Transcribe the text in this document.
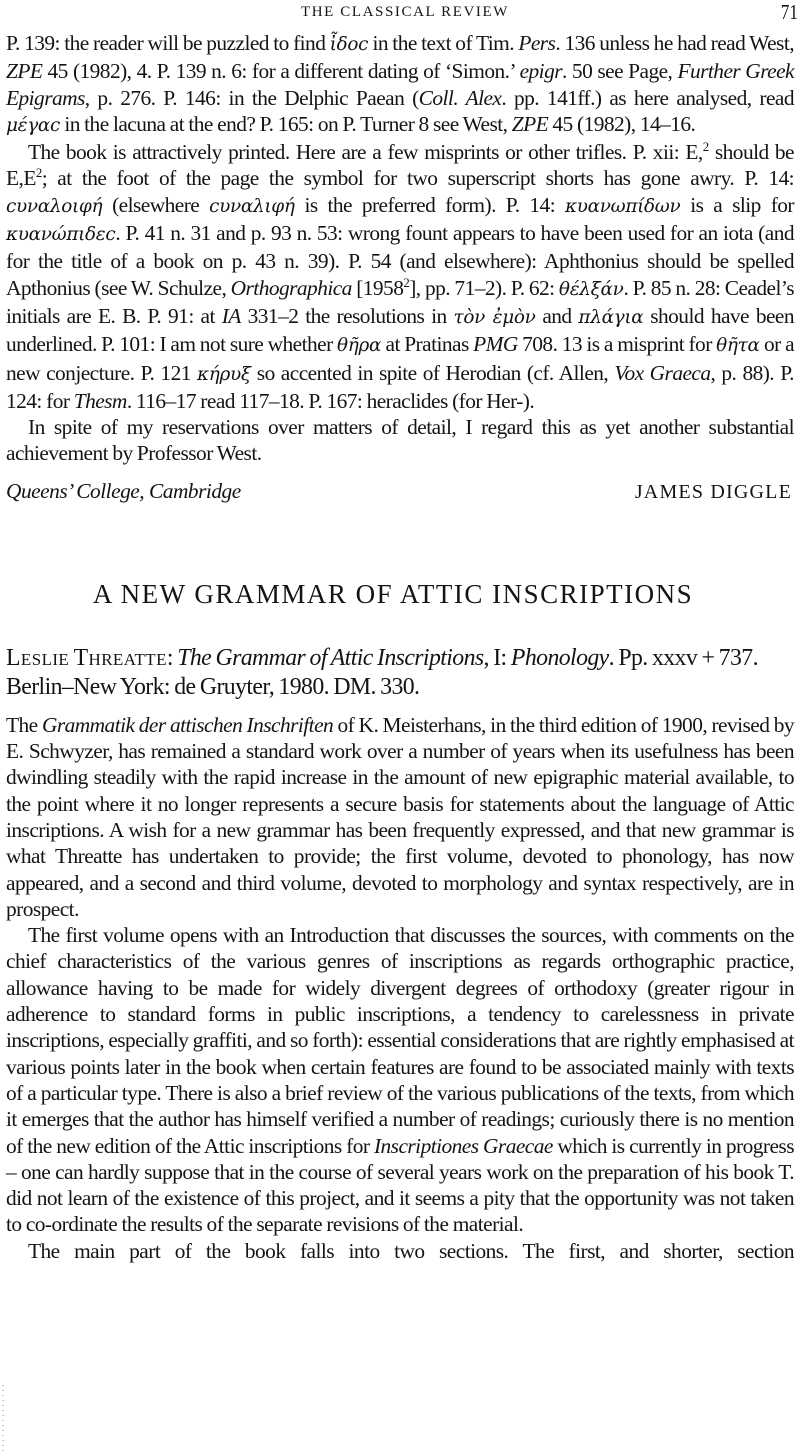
THE CLASSICAL REVIEW	71

P. 139: the reader will be puzzled to find ἶδοϲ in the text of Tim. Pers. 136 unless he had read West, ZPE 45 (1982), 4. P. 139 n. 6: for a different dating of ‘Simon.’ epigr. 50 see Page, Further Greek Epigrams, p. 276. P. 146: in the Delphic Paean (Coll. Alex. pp. 141ff.) as here analysed, read μέγαϲ in the lacuna at the end? P. 165: on P. Turner 8 see West, ZPE 45 (1982), 14–16.

The book is attractively printed. Here are a few misprints or other trifles. P. xii: E,$^2$ should be $E,E^2$; at the foot of the page the symbol for two superscript shorts has gone awry. P. 14: cυναλοιφή (elsewhere cυναλιφή is the preferred form). P. 14: κυανωπίδων is a slip for κυανώπιδεϲ. P. 41 n. 31 and p. 93 n. 53: wrong fount appears to have been used for an iota (and for the title of a book on p. 43 n. 39). P. 54 (and elsewhere): Aphthonius should be spelled Apthonius (see W. Schulze, Orthographica [1958$^2$], pp. 71–2). P. 62: θέλξάν. P. 85 n. 28: Ceadel’s initials are E. B. P. 91: at IA 331–2 the resolutions in τὸν ἐμὸν and πλάγια should have been underlined. P. 101: I am not sure whether θῆρα at Pratinas PMG 708. 13 is a misprint for θῆτα or a new conjecture. P. 121 κήρυξ so accented in spite of Herodian (cf. Allen, Vox Graeca, p. 88). P. 124: for Thesm. 116–17 read 117–18. P. 167: heraclides (for Her-).

In spite of my reservations over matters of detail, I regard this as yet another substantial achievement by Professor West.

Queens’ College, Cambridge	JAMES DIGGLE
A NEW GRAMMAR OF ATTIC INSCRIPTIONS
Leslie Threatte: The Grammar of Attic Inscriptions, I: Phonology. Pp. xxxv + 737. Berlin–New York: de Gruyter, 1980. DM. 330.

The Grammatik der attischen Inschriften of K. Meisterhans, in the third edition of 1900, revised by E. Schwyzer, has remained a standard work over a number of years when its usefulness has been dwindling steadily with the rapid increase in the amount of new epigraphic material available, to the point where it no longer represents a secure basis for statements about the language of Attic inscriptions. A wish for a new grammar has been frequently expressed, and that new grammar is what Threatte has undertaken to provide; the first volume, devoted to phonology, has now appeared, and a second and third volume, devoted to morphology and syntax respectively, are in prospect.

The first volume opens with an Introduction that discusses the sources, with comments on the chief characteristics of the various genres of inscriptions as regards orthographic practice, allowance having to be made for widely divergent degrees of orthodoxy (greater rigour in adherence to standard forms in public inscriptions, a tendency to carelessness in private inscriptions, especially graffiti, and so forth): essential considerations that are rightly emphasised at various points later in the book when certain features are found to be associated mainly with texts of a particular type. There is also a brief review of the various publications of the texts, from which it emerges that the author has himself verified a number of readings; curiously there is no mention of the new edition of the Attic inscriptions for Inscriptiones Graecae which is currently in progress – one can hardly suppose that in the course of several years work on the preparation of his book T. did not learn of the existence of this project, and it seems a pity that the opportunity was not taken to co-ordinate the results of the separate revisions of the material.

The main part of the book falls into two sections. The first, and shorter, section
